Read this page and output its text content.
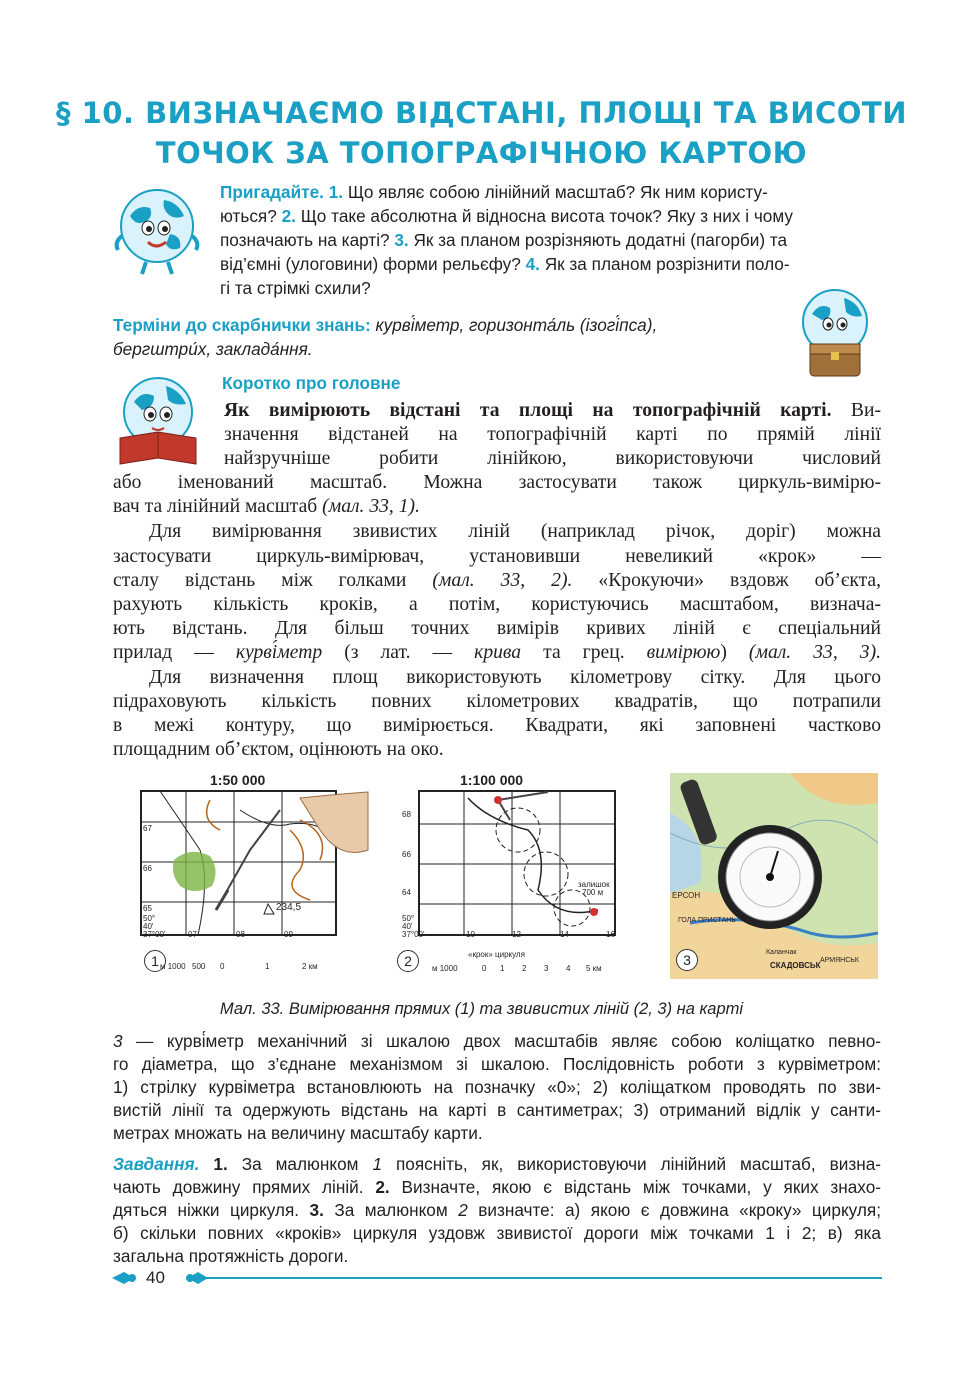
§ 10. ВИЗНАЧАЄМО ВІДСТАНІ, ПЛОЩІ ТА ВИСОТИ
ТОЧОК ЗА ТОПОГРАФІЧНОЮ КАРТОЮ
Пригадайте. 1. Що являє собою лінійний масштаб? Як ним користу-
ються? 2. Що таке абсолютна й відносна висота точок? Яку з них і чому
позначають на карті? 3. Як за планом розрізняють додатні (пагорби) та
від’ємні (улоговини) форми рельєфу? 4. Як за планом розрізнити поло-
гі та стрімкі схили?
Терміни до скарбнички знань: курві́метр, горизонта́ль (ізогі́пса),
бергштри́х, заклада́ння.
Коротко про головне
Як вимірюють відстані та площі на топографічній карті. Ви-
значення відстаней на топографічній карті по прямій лінії
найзручніше робити лінійкою, використовуючи числовий
або іменований масштаб. Можна застосувати також циркуль-вимірю-
вач та лінійний масштаб (мал. 33, 1).
Для вимірювання звивистих ліній (наприклад річок, доріг) можна
застосувати циркуль-вимірювач, установивши невеликий «крок» —
сталу відстань між голками (мал. 33, 2). «Крокуючи» вздовж об’єкта,
рахують кількість кроків, а потім, користуючись масштабом, визнача-
ють відстань. Для більш точних вимірів кривих ліній є спеціальний
прилад — курві́метр (з лат. — крива та грец. вимірюю) (мал. 33, 3).
Для визначення площ використовують кілометрову сітку. Для цього
підраховують кількість повних кілометрових квадратів, що потрапили
в межі контуру, що вимірюється. Квадрати, які заповнені частково
площадним об’єктом, оцінюють на око.
1:50 000
67
66
65
50°
40'
37°00'	07	08	09
234,5
1 м 1000 500 0	1	2 км
1:100 000
68
66
64
50°
40'
37°00'	10	12	14	16
залишок
700 м
2	«крок» циркуля
м 1000	0 1 2 3 4 5 км
ЕРСОН
ГОЛА ПРИСТАНЬ
Каланчак
СКАДОВСЬК
АРМЯНСЬК
3
Мал. 33. Вимірювання прямих (1) та звивистих ліній (2, 3) на карті
3 — курві́метр механічний зі шкалою двох масштабів являє собою коліщатко певно-
го діаметра, що з’єднане механізмом зі шкалою. Послідовність роботи з курвіметром:
1) стрілку курвіметра встановлюють на позначку «0»; 2) коліщатком проводять по зви-
вистій лінії та одержують відстань на карті в сантиметрах; 3) отриманий відлік у санти-
метрах множать на величину масштабу карти.
Завдання. 1. За малюнком 1 поясніть, як, використовуючи лінійний масштаб, визна-
чають довжину прямих ліній. 2. Визначте, якою є відстань між точками, у яких знахо-
дяться ніжки циркуля. 3. За малюнком 2 визначте: а) якою є довжина «кроку» циркуля;
б) скільки повних «кроків» циркуля уздовж звивистої дороги між точками 1 і 2; в) яка
загальна протяжність дороги.
40
